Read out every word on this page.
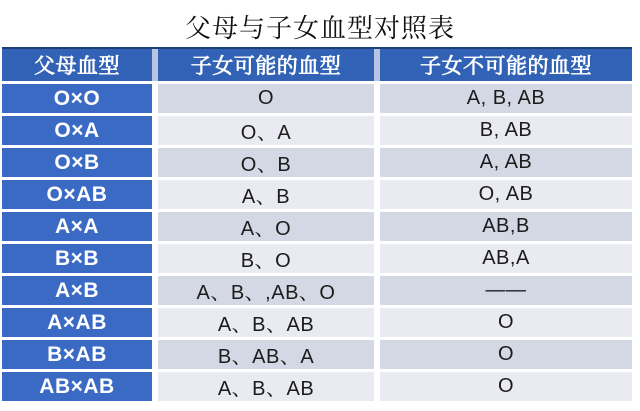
父母与子女血型对照表
父母血型	子女可能的血型	子女不可能的血型
O×O	O	A, B, AB
O×A	O、A	B, AB
O×B	O、B	A, AB
O×AB	A、B	O, AB
A×A	A、O	AB,B
B×B	B、O	AB,A
A×B	A、B、,AB、O	——
A×AB	A、B、AB	O
B×AB	B、AB、A	O
AB×AB	A、B、AB	O
